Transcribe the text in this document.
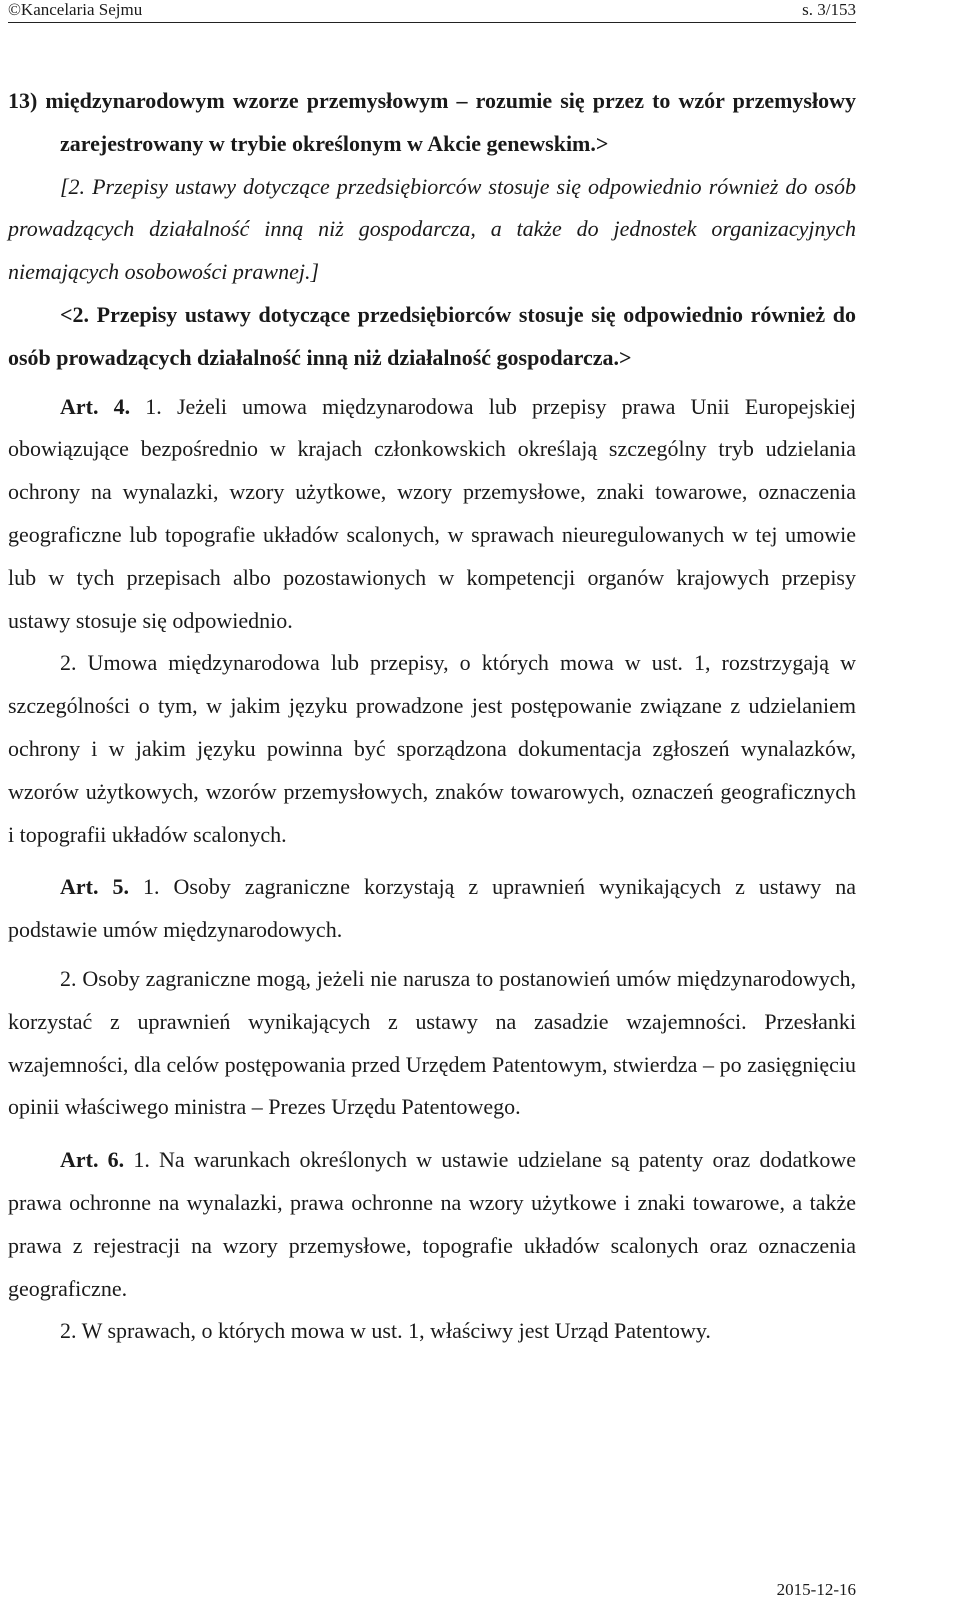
©Kancelaria Sejmu	s. 3/153

13) międzynarodowym wzorze przemysłowym – rozumie się przez to wzór przemysłowy zarejestrowany w trybie określonym w Akcie genewskim.>

[2. Przepisy ustawy dotyczące przedsiębiorców stosuje się odpowiednio również do osób prowadzących działalność inną niż gospodarcza, a także do jednostek organizacyjnych niemających osobowości prawnej.]

<2. Przepisy ustawy dotyczące przedsiębiorców stosuje się odpowiednio również do osób prowadzących działalność inną niż działalność gospodarcza.>

Art. 4. 1. Jeżeli umowa międzynarodowa lub przepisy prawa Unii Europejskiej obowiązujące bezpośrednio w krajach członkowskich określają szczególny tryb udzielania ochrony na wynalazki, wzory użytkowe, wzory przemysłowe, znaki towarowe, oznaczenia geograficzne lub topografie układów scalonych, w sprawach nieuregulowanych w tej umowie lub w tych przepisach albo pozostawionych w kompetencji organów krajowych przepisy ustawy stosuje się odpowiednio.

2. Umowa międzynarodowa lub przepisy, o których mowa w ust. 1, rozstrzygają w szczególności o tym, w jakim języku prowadzone jest postępowanie związane z udzielaniem ochrony i w jakim języku powinna być sporządzona dokumentacja zgłoszeń wynalazków, wzorów użytkowych, wzorów przemysłowych, znaków towarowych, oznaczeń geograficznych i topografii układów scalonych.

Art. 5. 1. Osoby zagraniczne korzystają z uprawnień wynikających z ustawy na podstawie umów międzynarodowych.

2. Osoby zagraniczne mogą, jeżeli nie narusza to postanowień umów międzynarodowych, korzystać z uprawnień wynikających z ustawy na zasadzie wzajemności. Przesłanki wzajemności, dla celów postępowania przed Urzędem Patentowym, stwierdza – po zasięgnięciu opinii właściwego ministra – Prezes Urzędu Patentowego.

Art. 6. 1. Na warunkach określonych w ustawie udzielane są patenty oraz dodatkowe prawa ochronne na wynalazki, prawa ochronne na wzory użytkowe i znaki towarowe, a także prawa z rejestracji na wzory przemysłowe, topografie układów scalonych oraz oznaczenia geograficzne.

2. W sprawach, o których mowa w ust. 1, właściwy jest Urząd Patentowy.

2015-12-16
